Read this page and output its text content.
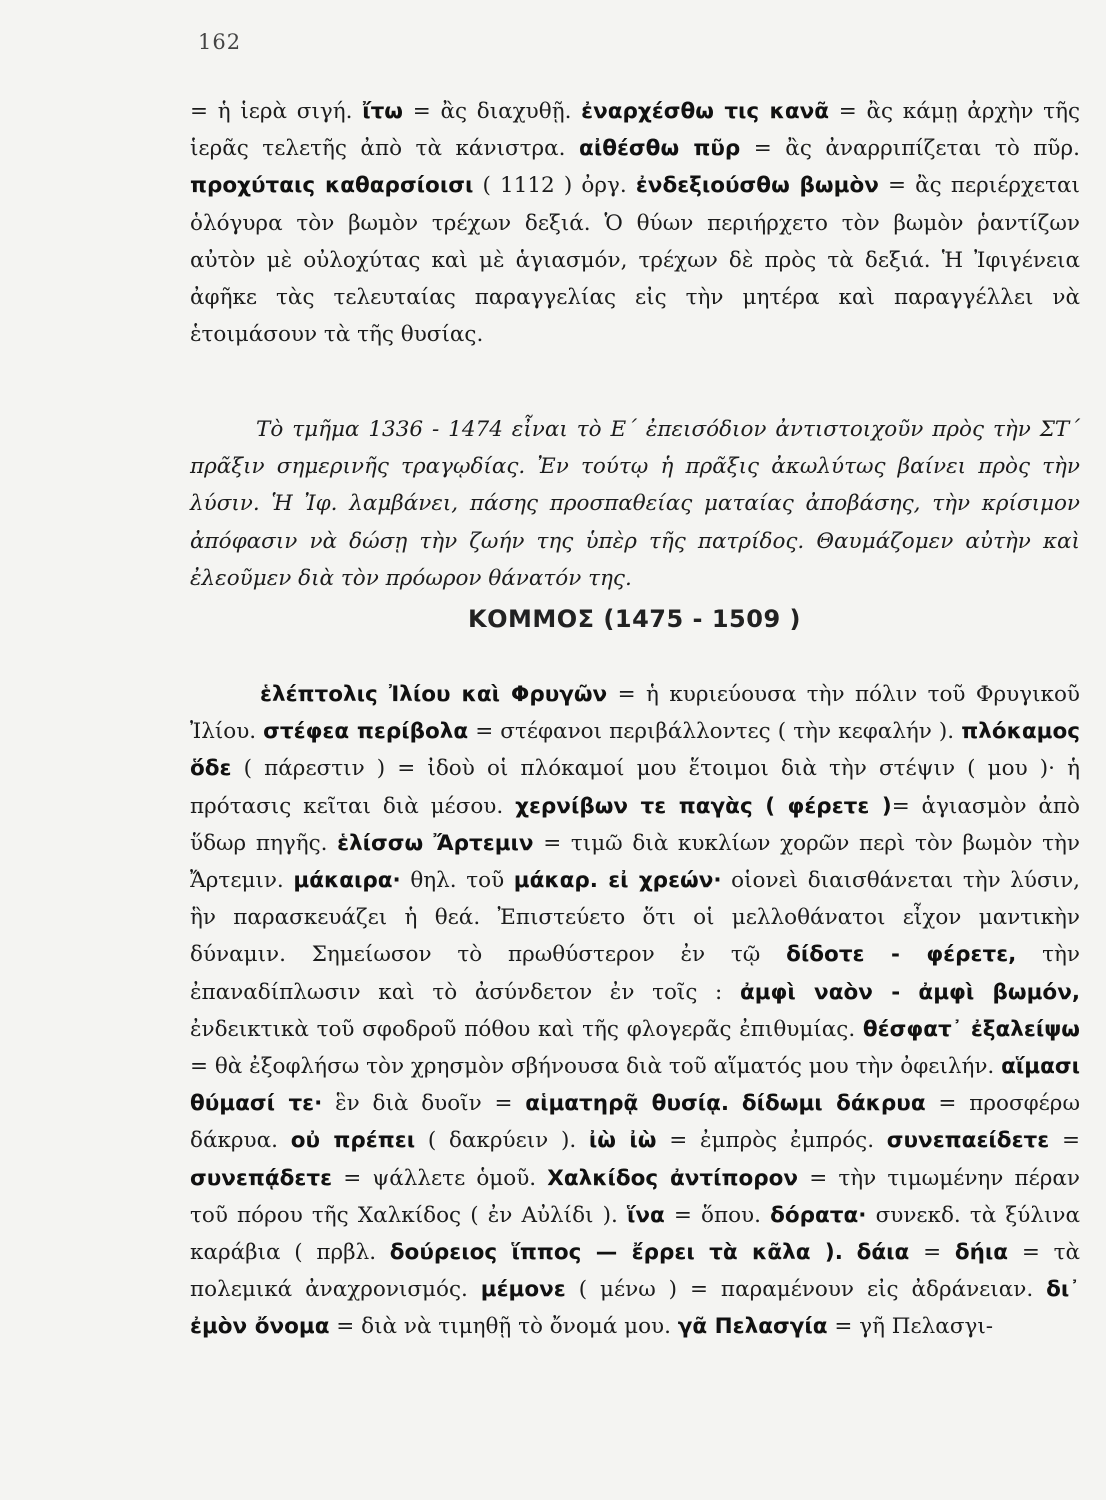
162

= ἡ ἱερὰ σιγή. ἴτω = ἂς διαχυθῇ. ἐναρχέσθω τις κανᾶ = ἂς κάμῃ ἀρχὴν τῆς ἱερᾶς τελετῆς ἀπὸ τὰ κάνιστρα. αἰθέσθω πῦρ = ἂς ἀναρριπίζεται τὸ πῦρ. προχύταις καθαρσίοισι ( 1112 ) ὀργ. ἐνδεξιούσθω βωμὸν = ἂς περιέρχεται ὁλόγυρα τὸν βωμὸν τρέχων δεξιά. Ὁ θύων περιήρχετο τὸν βωμὸν ῥαντίζων αὐτὸν μὲ οὐλοχύτας καὶ μὲ ἁγιασμόν, τρέχων δὲ πρὸς τὰ δεξιά. Ἡ Ἰφιγένεια ἀφῆκε τὰς τελευταίας παραγγελίας εἰς τὴν μητέρα καὶ παραγγέλλει νὰ ἑτοιμάσουν τὰ τῆς θυσίας.

Τὸ τμῆμα 1336 - 1474 εἶναι τὸ Ε΄ ἐπεισόδιον ἀντιστοιχοῦν πρὸς τὴν ΣΤ΄ πρᾶξιν σημερινῆς τραγῳδίας. Ἐν τούτῳ ἡ πρᾶξις ἀκωλύτως βαίνει πρὸς τὴν λύσιν. Ἡ Ἰφ. λαμβάνει, πάσης προσπαθείας ματαίας ἀποβάσης, τὴν κρίσιμον ἀπόφασιν νὰ δώσῃ τὴν ζωήν της ὑπὲρ τῆς πατρίδος. Θαυμάζομεν αὐτὴν καὶ ἐλεοῦμεν διὰ τὸν πρόωρον θάνατόν της.

ΚΟΜΜΟΣ (1475 - 1509 )

ἑλέπτολις Ἰλίου καὶ Φρυγῶν = ἡ κυριεύουσα τὴν πόλιν τοῦ Φρυγικοῦ Ἰλίου. στέφεα περίβολα = στέφανοι περιβάλλοντες ( τὴν κεφαλήν ). πλόκαμος ὅδε ( πάρεστιν ) = ἰδοὺ οἱ πλόκαμοί μου ἕτοιμοι διὰ τὴν στέψιν ( μου )· ἡ πρότασις κεῖται διὰ μέσου. χερνίβων τε παγὰς ( φέρετε )= ἁγιασμὸν ἀπὸ ὕδωρ πηγῆς. ἑλίσσω Ἄρτεμιν = τιμῶ διὰ κυκλίων χορῶν περὶ τὸν βωμὸν τὴν Ἄρτεμιν. μάκαιρα· θηλ. τοῦ μάκαρ. εἰ χρεών· οἱονεὶ διαισθάνεται τὴν λύσιν, ἣν παρασκευάζει ἡ θεά. Ἐπιστεύετο ὅτι οἱ μελλοθάνατοι εἶχον μαντικὴν δύναμιν. Σημείωσον τὸ πρωθύστερον ἐν τῷ δίδοτε - φέρετε, τὴν ἐπαναδίπλωσιν καὶ τὸ ἀσύνδετον ἐν τοῖς : ἀμφὶ ναὸν - ἀμφὶ βωμόν, ἐνδεικτικὰ τοῦ σφοδροῦ πόθου καὶ τῆς φλογερᾶς ἐπιθυμίας. θέσφατ᾽ ἐξαλείψω = θὰ ἐξοφλήσω τὸν χρησμὸν σβήνουσα διὰ τοῦ αἵματός μου τὴν ὀφειλήν. αἵμασι θύμασί τε· ἓν διὰ δυοῖν = αἱματηρᾷ θυσίᾳ. δίδωμι δάκρυα = προσφέρω δάκρυα. οὐ πρέπει ( δακρύειν ). ἰὼ ἰὼ = ἐμπρὸς ἐμπρός. συνεπαείδετε = συνεπᾴδετε = ψάλλετε ὁμοῦ. Χαλκίδος ἀντίπορον = τὴν τιμωμένην πέραν τοῦ πόρου τῆς Χαλκίδος ( ἐν Αὐλίδι ). ἵνα = ὅπου. δόρατα· συνεκδ. τὰ ξύλινα καράβια ( πρβλ. δούρειος ἵππος — ἔρρει τὰ κᾶλα ). δάια = δήια = τὰ πολεμικά ἀναχρονισμός. μέμονε ( μένω ) = παραμένουν εἰς ἀδράνειαν. δι᾽ ἐμὸν ὄνομα = διὰ νὰ τιμηθῇ τὸ ὄνομά μου. γᾶ Πελασγία = γῆ Πελασγι-
